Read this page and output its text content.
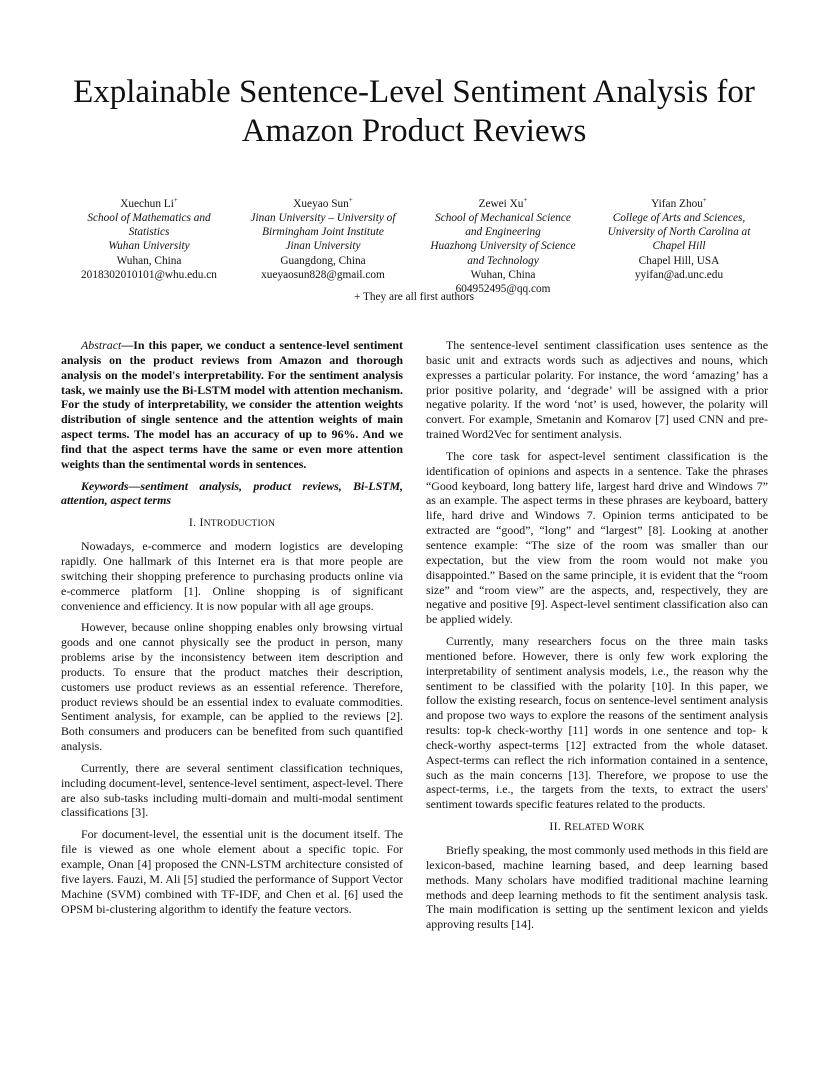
Explainable Sentence-Level Sentiment Analysis for
Amazon Product Reviews
Xuechun Li+
School of Mathematics and
Statistics
Wuhan University
Wuhan, China
2018302010101@whu.edu.cn
Xueyao Sun+
Jinan University – University of
Birmingham Joint Institute
Jinan University
Guangdong, China
xueyaosun828@gmail.com
Zewei Xu+
School of Mechanical Science
and Engineering
Huazhong University of Science
and Technology
Wuhan, China
604952495@qq.com
Yifan Zhou+
College of Arts and Sciences,
University of North Carolina at
Chapel Hill
Chapel Hill, USA
yyifan@ad.unc.edu
+ They are all first authors

Abstract—In this paper, we conduct a sentence-level sentiment analysis on the product reviews from Amazon and thorough analysis on the model's interpretability. For the sentiment analysis task, we mainly use the Bi-LSTM model with attention mechanism. For the study of interpretability, we consider the attention weights distribution of single sentence and the attention weights of main aspect terms. The model has an accuracy of up to 96%. And we find that the aspect terms have the same or even more attention weights than the sentimental words in sentences.

Keywords—sentiment analysis, product reviews, Bi-LSTM, attention, aspect terms

I. INTRODUCTION

Nowadays, e-commerce and modern logistics are developing rapidly. One hallmark of this Internet era is that more people are switching their shopping preference to purchasing products online via e-commerce platform [1]. Online shopping is of significant convenience and efficiency. It is now popular with all age groups.

However, because online shopping enables only browsing virtual goods and one cannot physically see the product in person, many problems arise by the inconsistency between item description and products. To ensure that the product matches their description, customers use product reviews as an essential reference. Therefore, product reviews should be an essential index to evaluate commodities. Sentiment analysis, for example, can be applied to the reviews [2]. Both consumers and producers can be benefited from such quantified analysis.

Currently, there are several sentiment classification techniques, including document-level, sentence-level sentiment, aspect-level. There are also sub-tasks including multi-domain and multi-modal sentiment classifications [3].

For document-level, the essential unit is the document itself. The file is viewed as one whole element about a specific topic. For example, Onan [4] proposed the CNN-LSTM architecture consisted of five layers. Fauzi, M. Ali [5] studied the performance of Support Vector Machine (SVM) combined with TF-IDF, and Chen et al. [6] used the OPSM bi-clustering algorithm to identify the feature vectors.

The sentence-level sentiment classification uses sentence as the basic unit and extracts words such as adjectives and nouns, which expresses a particular polarity. For instance, the word ‘amazing’ has a prior positive polarity, and ‘degrade’ will be assigned with a prior negative polarity. If the word ‘not’ is used, however, the polarity will convert. For example, Smetanin and Komarov [7] used CNN and pre-trained Word2Vec for sentiment analysis.

The core task for aspect-level sentiment classification is the identification of opinions and aspects in a sentence. Take the phrases “Good keyboard, long battery life, largest hard drive and Windows 7” as an example. The aspect terms in these phrases are keyboard, battery life, hard drive and Windows 7. Opinion terms anticipated to be extracted are “good”, “long” and “largest” [8]. Looking at another sentence example: “The size of the room was smaller than our expectation, but the view from the room would not make you disappointed.” Based on the same principle, it is evident that the “room size” and “room view” are the aspects, and, respectively, they are negative and positive [9]. Aspect-level sentiment classification also can be applied widely.

Currently, many researchers focus on the three main tasks mentioned before. However, there is only few work exploring the interpretability of sentiment analysis models, i.e., the reason why the sentiment to be classified with the polarity [10]. In this paper, we follow the existing research, focus on sentence-level sentiment analysis and propose two ways to explore the reasons of the sentiment analysis results: top-k check-worthy [11] words in one sentence and top- k check-worthy aspect-terms [12] extracted from the whole dataset. Aspect-terms can reflect the rich information contained in a sentence, such as the main concerns [13]. Therefore, we propose to use the aspect-terms, i.e., the targets from the texts, to extract the users' sentiment towards specific features related to the products.

II. RELATED WORK

Briefly speaking, the most commonly used methods in this field are lexicon-based, machine learning based, and deep learning based methods. Many scholars have modified traditional machine learning methods and deep learning methods to fit the sentiment analysis task. The main modification is setting up the sentiment lexicon and yields approving results [14].
